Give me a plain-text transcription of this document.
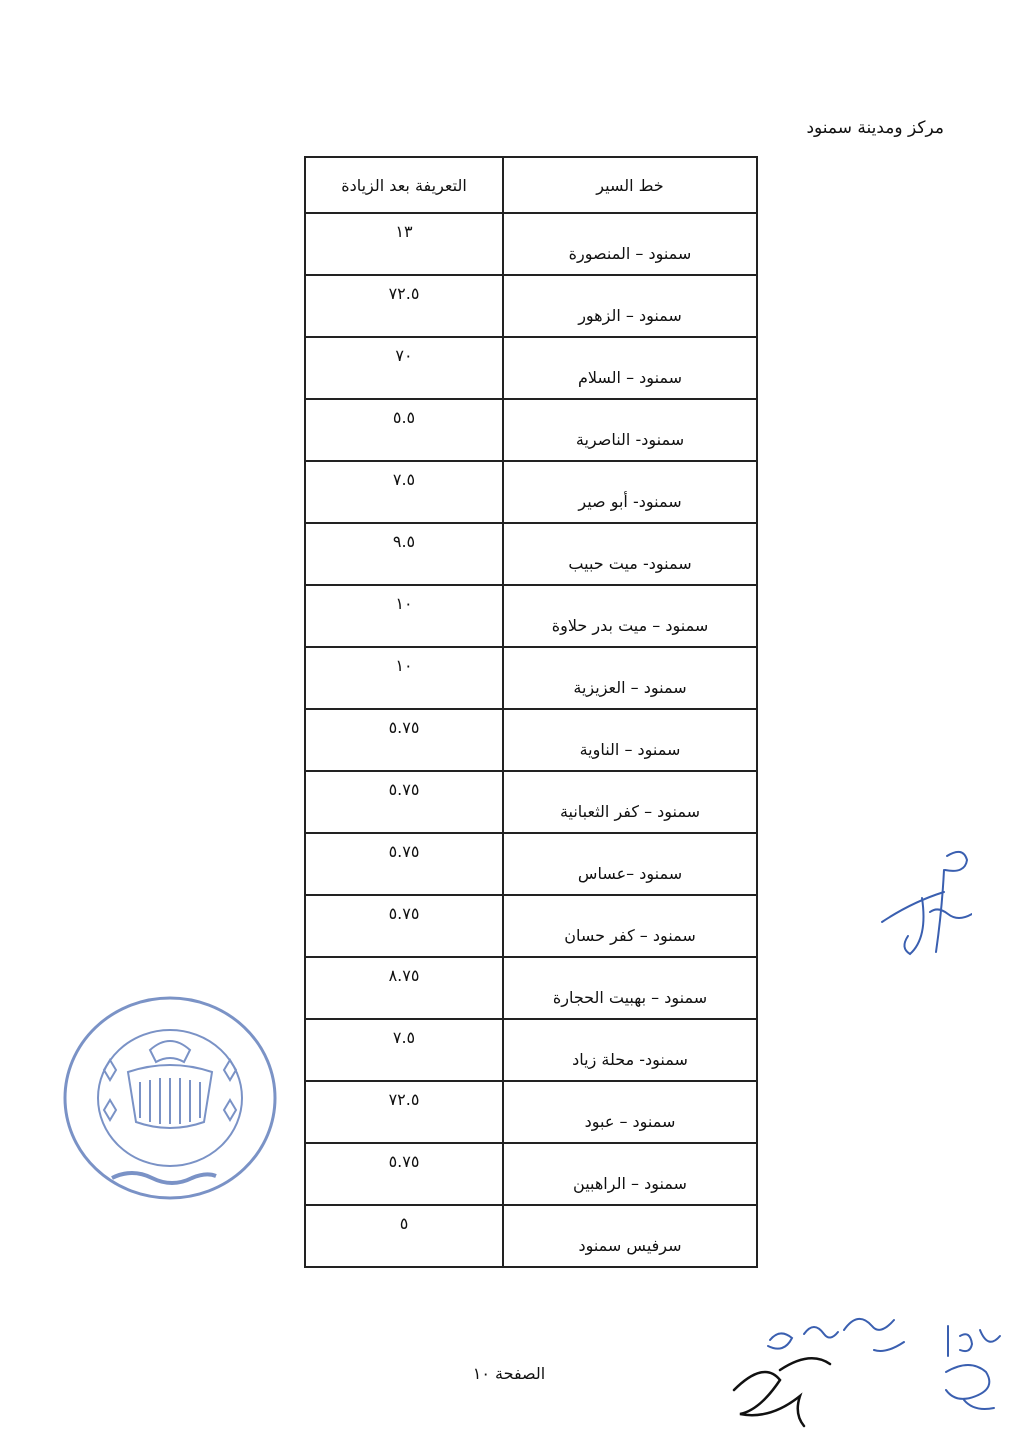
مركز ومدينة سمنود
خط السير	التعريفة بعد الزيادة
سمنود – المنصورة	١٣
سمنود – الزهور	٧٢.٥
سمنود – السلام	٧٠
سمنود- الناصرية	٥.٥
سمنود- أبو صير	٧.٥
سمنود- ميت حبيب	٩.٥
سمنود – ميت بدر حلاوة	١٠
سمنود – العزيزية	١٠
سمنود – الناوية	٥.٧٥
سمنود – كفر الثعبانية	٥.٧٥
سمنود –عساس	٥.٧٥
سمنود – كفر حسان	٥.٧٥
سمنود – بهبيت الحجارة	٨.٧٥
سمنود- محلة زياد	٧.٥
سمنود – عبود	٧٢.٥
سمنود – الراهبين	٥.٧٥
سرفيس سمنود	٥
الصفحة ١٠
